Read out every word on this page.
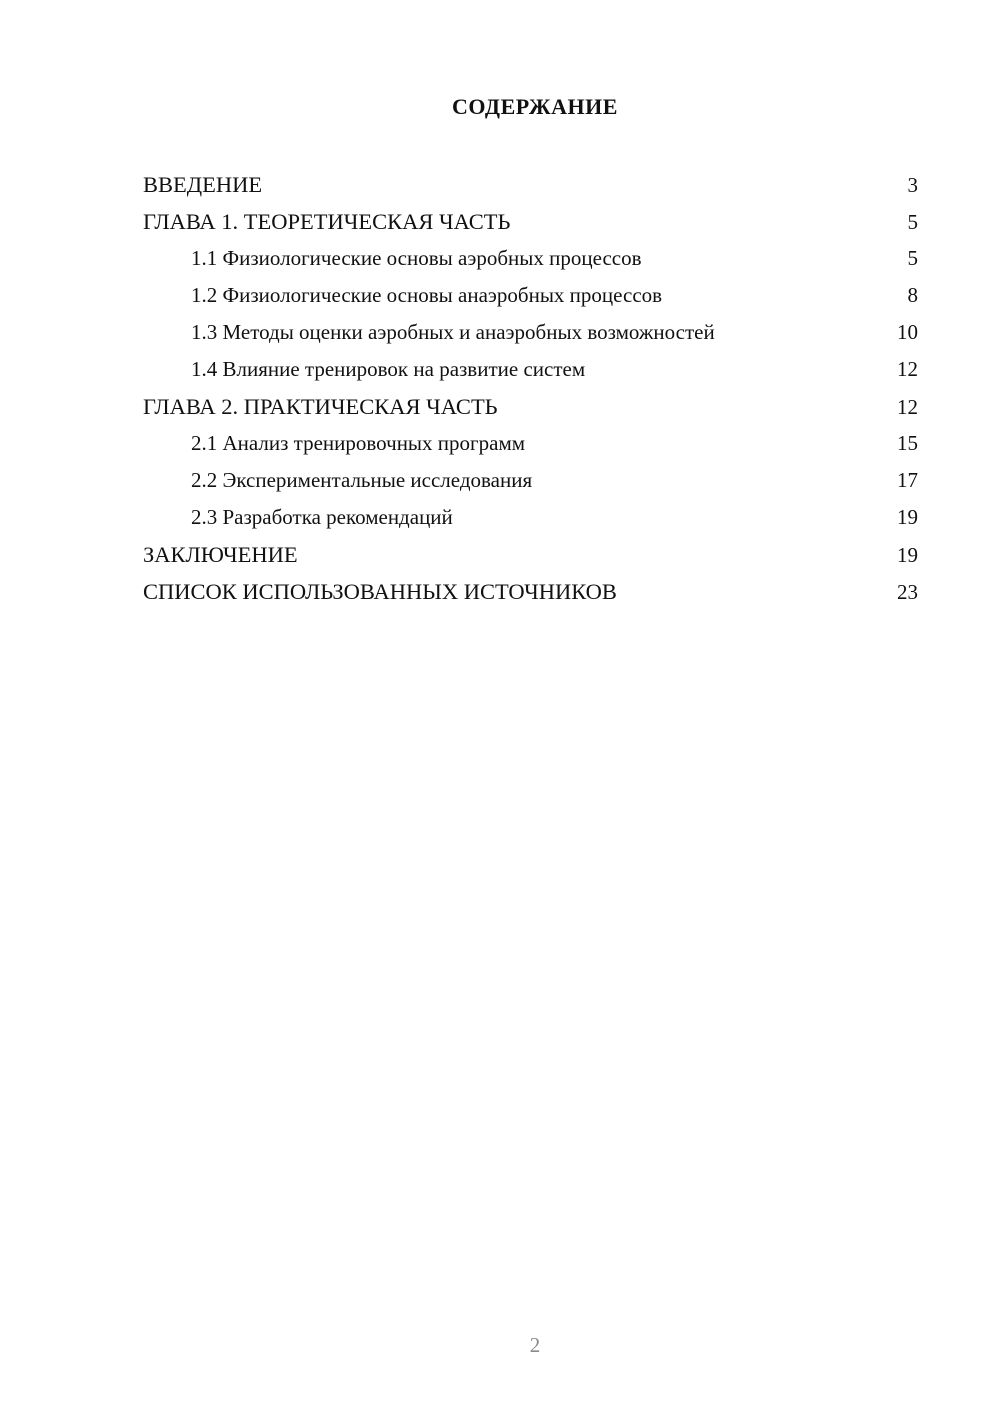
СОДЕРЖАНИЕ
ВВЕДЕНИЕ	3
ГЛАВА 1. ТЕОРЕТИЧЕСКАЯ ЧАСТЬ	5
1.1 Физиологические основы аэробных процессов	5
1.2 Физиологические основы анаэробных процессов	8
1.3 Методы оценки аэробных и анаэробных возможностей	10
1.4 Влияние тренировок на развитие систем	12
ГЛАВА 2. ПРАКТИЧЕСКАЯ ЧАСТЬ	12
2.1 Анализ тренировочных программ	15
2.2 Экспериментальные исследования	17
2.3 Разработка рекомендаций	19
ЗАКЛЮЧЕНИЕ	19
СПИСОК ИСПОЛЬЗОВАННЫХ ИСТОЧНИКОВ	23
2
